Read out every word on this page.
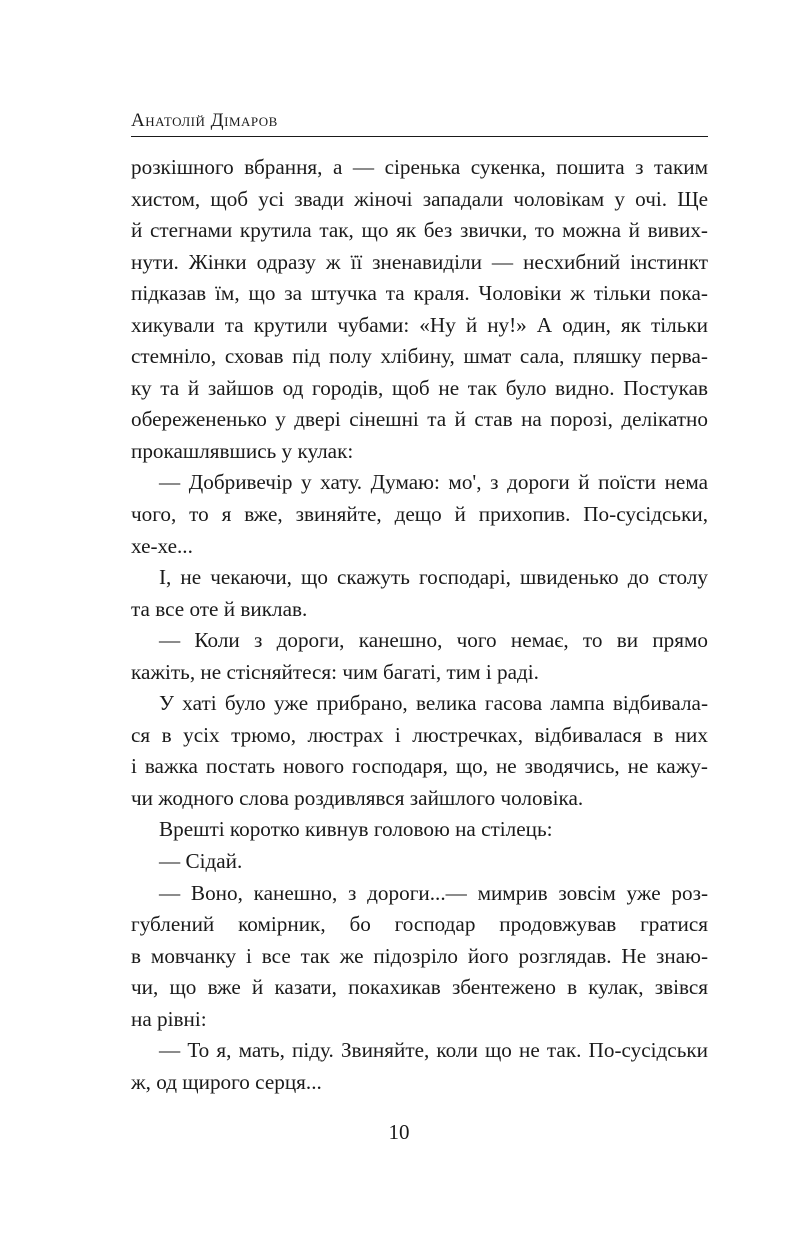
Анатолій Дімаров
розкішного вбрання, а — сіренька сукенка, пошита з таким
хистом, щоб усі звади жіночі западали чоловікам у очі. Ще
й стегнами крутила так, що як без звички, то можна й вивих-
нути. Жінки одразу ж її зненавиділи — несхибний інстинкт
підказав їм, що за штучка та краля. Чоловіки ж тільки пока-
хикували та крутили чубами: «Ну й ну!» А один, як тільки
стемніло, сховав під полу хлібину, шмат сала, пляшку перва-
ку та й зайшов од городів, щоб не так було видно. Постукав
обережененько у двері сінешні та й став на порозі, делікатно
прокашлявшись у кулак:
— Добривечір у хату. Думаю: мо', з дороги й поїсти нема
чого, то я вже, звиняйте, дещо й прихопив. По-сусідськи,
хе-хе...
І, не чекаючи, що скажуть господарі, швиденько до столу
та все оте й виклав.
— Коли з дороги, канешно, чого немає, то ви прямо
кажіть, не стісняйтеся: чим багаті, тим і раді.
У хаті було уже прибрано, велика гасова лампа відбивала-
ся в усіх трюмо, люстрах і люстречках, відбивалася в них
і важка постать нового господаря, що, не зводячись, не кажу-
чи жодного слова роздивлявся зайшлого чоловіка.
Врешті коротко кивнув головою на стілець:
— Сідай.
— Воно, канешно, з дороги...— мимрив зовсім уже роз-
гублений комірник, бо господар продовжував гратися
в мовчанку і все так же підозріло його розглядав. Не знаю-
чи, що вже й казати, покахикав збентежено в кулак, звівся
на рівні:
— То я, мать, піду. Звиняйте, коли що не так. По-сусідськи
ж, од щирого серця...
10
